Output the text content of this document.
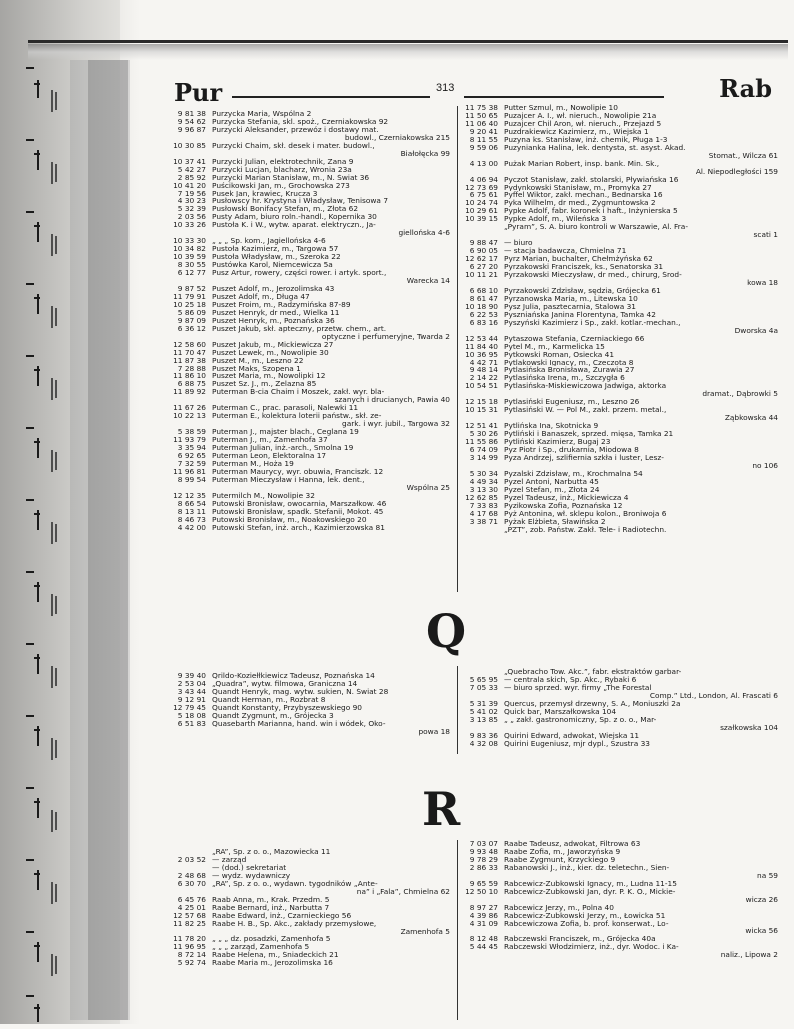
Pur	313	Rab
9 81 38 Purzycka Maria, Wspólna 2
9 54 62 Purzycka Stefania, skl. spoż., Czerniakowska 92
9 96 87 Purzycki Aleksander, przewóz i dostawy mat.
budowl., Czerniakowska 215
10 30 85 Purzycki Chaim, skł. desek i mater. budowl.,
Białołęcka 99
10 37 41 Purzycki Julian, elektrotechnik, Zana 9
5 42 27 Purzycki Lucjan, blacharz, Wronia 23a
2 85 92 Purzycki Marian Stanisław, m., N. Świat 36
10 41 20 Puścikowski Jan, m., Grochowska 273
7 19 56 Pusek Jan, krawiec, Krucza 3
4 30 23 Pusłowscy hr. Krystyna i Władysław, Tenisowa 7
5 32 39 Pusłowski Bonifacy Stefan, m., Złota 62
2 03 56 Pusty Adam, biuro roln.-handl., Kopernika 30
10 33 26 Pustoła K. i W., wytw. aparat. elektryczn., Ja-
giellońska 4-6
10 33 30 „ „ „ Sp. kom., Jagiellońska 4-6
10 34 82 Pustoła Kazimierz, m., Targowa 57
10 39 59 Pustoła Władysław, m., Szeroka 22
8 30 55 Pustówka Karol, Niemcewicza 5a
6 12 77 Pusz Artur, rowery, części rower. i artyk. sport.,
Warecka 14
9 87 52 Puszet Adolf, m., Jerozolimska 43
11 79 91 Puszet Adolf, m., Długa 47
10 25 18 Puszet Froim, m., Radzymińska 87-89
5 86 09 Puszet Henryk, dr med., Wielka 11
9 87 09 Puszet Henryk, m., Poznańska 36
6 36 12 Puszet Jakub, skł. apteczny, przetw. chem., art.
optyczne i perfumeryjne, Twarda 2
12 58 60 Puszet Jakub, m., Mickiewicza 27
11 70 47 Puszet Lewek, m., Nowolipie 30
11 87 38 Puszet M., m., Leszno 22
7 28 88 Puszet Maks, Szopena 1
11 86 10 Puszet Maria, m., Nowolipki 12
6 88 75 Puszet Sz. J., m., Zelazna 85
11 89 92 Puterman B-cia Chaim i Moszek, zakł. wyr. bla-
szanych i drucianych, Pawia 40
11 67 26 Puterman C., prac. parasoli, Nalewki 11
10 22 13 Puterman E., kolektura loterii państw., skł. ze-
gark. i wyr. jubil., Targowa 32
5 38 59 Puterman J., majster blach., Ceglana 19
11 93 79 Puterman J., m., Zamenhofa 37
3 35 94 Puterman Julian, inż.-arch., Smolna 19
6 92 65 Puterman Leon, Elektoralna 17
7 32 59 Puterman M., Hoża 19
11 96 81 Puterman Maurycy, wyr. obuwia, Franciszk. 12
8 99 54 Puterman Mieczysław i Hanna, lek. dent.,
Wspólna 25
12 12 35 Putermilch M., Nowolipie 32
8 66 54 Putowski Bronisław, owocarnia, Marszałkow. 46
8 13 11 Putowski Bronisław, spadk. Stefanii, Mokot. 45
8 46 73 Putowski Bronisław, m., Noakowskiego 20
4 42 00 Putowski Stefan, inż. arch., Kazimierzowska 81
11 75 38 Putter Szmul, m., Nowolipie 10
11 50 65 Puzajcer A. I., wł. nieruch., Nowolipie 21a
11 06 40 Puzajcer Chil Aron, wł. nieruch., Przejazd 5
9 20 41 Puzdrakiewicz Kazimierz, m., Wiejska 1
8 11 55 Puzyna ks. Stanisław, inż. chemik, Pługa 1-3
9 59 06 Puzynianka Halina, lek. dentysta, st. asyst. Akad.
Stomat., Wilcza 61
4 13 00 Pużak Marian Robert, insp. bank. Min. Sk.,
Al. Niepodległości 159
4 06 94 Pyczot Stanisław, zakł. stolarski, Pływiańska 16
12 73 69 Pydynkowski Stanisław, m., Promyka 27
6 75 61 Pyffel Wiktor, zakł. mechan., Bednarska 16
10 24 74 Pyka Wilhelm, dr med., Zygmuntowska 2
10 29 61 Pypke Adolf, fabr. koronek i haft., Inżynierska 5
10 39 15 Pypke Adolf, m., Wileńska 3
„Pyram”, S. A. biuro kontroli w Warszawie, Al. Fra-
scati 1
9 88 47 — biuro
6 90 05 — stacja badawcza, Chmielna 71
12 62 17 Pyrz Marian, buchalter, Chełmżyńska 62
6 27 20 Pyrzakowski Franciszek, ks., Senatorska 31
10 11 21 Pyrzakowski Mieczysław, dr med., chirurg, Środ-
kowa 18
6 68 10 Pyrzakowski Zdzisław, sędzia, Grójecka 61
8 61 47 Pyrzanowska Maria, m., Litewska 10
10 18 90 Pysz Julia, pasztecarnia, Stalowa 31
6 22 53 Pyszniańska Janina Florentyna, Tamka 42
6 83 16 Pyszyński Kazimierz i Sp., zakł. kotlar.-mechan.,
Dworska 4a
12 53 44 Pytaszowa Stefania, Czerniackiego 66
11 84 40 Pytel M., m., Karmelicka 15
10 36 95 Pytkowski Roman, Osiecka 41
4 42 71 Pytlakowski Ignacy, m., Czeczota 8
9 48 14 Pytlasińska Bronisława, Żurawia 27
2 14 22 Pytlasińska Irena, m., Szczygła 6
10 54 51 Pytlasińska-Miskiewiczowa Jadwiga, aktorka
dramat., Dąbrowki 5
12 15 18 Pytlasiński Eugeniusz, m., Leszno 26
10 15 31 Pytlasiński W. — Pol M., zakł. przem. metal.,
Ząbkowska 44
12 51 41 Pytlińska Ina, Skotnicka 9
5 30 26 Pytliński i Banaszek, sprzed. mięsa, Tamka 21
11 55 86 Pytliński Kazimierz, Bugaj 23
6 74 09 Pyz Piotr i Sp., drukarnia, Miodowa 8
3 14 99 Pyza Andrzej, szlifiernia szkła i luster, Lesz-
no 106
5 30 34 Pyzalski Zdzisław, m., Krochmalna 54
4 49 34 Pyzel Antoni, Narbutta 45
3 13 30 Pyzel Stefan, m., Złota 24
12 62 85 Pyzel Tadeusz, inż., Mickiewicza 4
7 33 83 Pyzikowska Zofia, Poznańska 12
4 17 68 Pyż Antonina, wł. sklepu kolon., Broniwoja 6
3 38 71 Pyżak Elżbieta, Sławińska 2
„PZT”, zob. Państw. Zakł. Tele- i Radiotechn.
Q
9 39 40 Qrildo-Koziełłkiewicz Tadeusz, Poznańska 14
2 53 04 „Quadra”, wytw. filmowa, Graniczna 14
3 43 44 Quandt Henryk, mag. wytw. sukien, N. Świat 28
9 12 91 Quandt Herman, m., Rozbrat 8
12 79 45 Quandt Konstanty, Przybyszewskiego 90
5 18 08 Quandt Zygmunt, m., Grójecka 3
6 51 83 Quasebarth Marianna, hand. win i wódek, Oko-
powa 18
„Quebracho Tow. Akc.”, fabr. ekstraktów garbar-
5 65 95 — centrala skich, Sp. Akc., Rybaki 6
7 05 33 — biuro sprzed. wyr. firmy „The Forestal
Comp.” Ltd., London, Al. Frascati 6
5 31 39 Quercus, przemysł drzewny, S. A., Moniuszki 2a
5 41 02 Quick bar, Marszałkowska 104
3 13 85 „ „ zakł. gastronomiczny, Sp. z o. o., Mar-
szałkowska 104
9 83 36 Quirini Edward, adwokat, Wiejska 11
4 32 08 Quirini Eugeniusz, mjr dypl., Szustra 33
R
„RA”, Sp. z o. o., Mazowiecka 11
2 03 52 — zarząd
— (dod.) sekretariat
2 48 68 — wydz. wydawniczy
6 30 70 „RA”, Sp. z o. o., wydawn. tygodników „Ante-
na” i „Fala”, Chmielna 62
6 45 76 Raab Anna, m., Krak. Przedm. 5
4 25 01 Raabe Bernard, inż., Narbutta 7
12 57 68 Raabe Edward, inż., Czarnieckiego 56
11 82 25 Raabe H. B., Sp. Akc., zakłady przemysłowe,
Zamenhofa 5
11 78 20 „ „ „ dz. posadzki, Zamenhofa 5
11 96 95 „ „ „ zarząd, Zamenhofa 5
8 72 14 Raabe Helena, m., Śniadeckich 21
5 92 74 Raabe Maria m., Jerozolimska 16
7 03 07 Raabe Tadeusz, adwokat, Filtrowa 63
9 93 48 Raabe Zofia, m., Jaworzyńska 9
9 78 29 Raabe Zygmunt, Krzyckiego 9
2 86 33 Rabanowski J., inż., kier. dz. teletechn., Sien-
na 59
9 65 59 Rabcewicz-Zubkowski Ignacy, m., Ludna 11-15
12 50 10 Rabcewicz-Zubkowski Jan, dyr. P. K. O., Mickie-
wicza 26
8 97 27 Rabcewicz Jerzy, m., Polna 40
4 39 86 Rabcewicz-Zubkowski Jerzy, m., Łowicka 51
4 31 09 Rabcewiczowa Zofia, b. prof. konserwat., Lo-
wicka 56
8 12 48 Rabczewski Franciszek, m., Grójecka 40a
5 44 45 Rabczewski Włodzimierz, inż., dyr. Wodoc. i Ka-
naliz., Lipowa 2
